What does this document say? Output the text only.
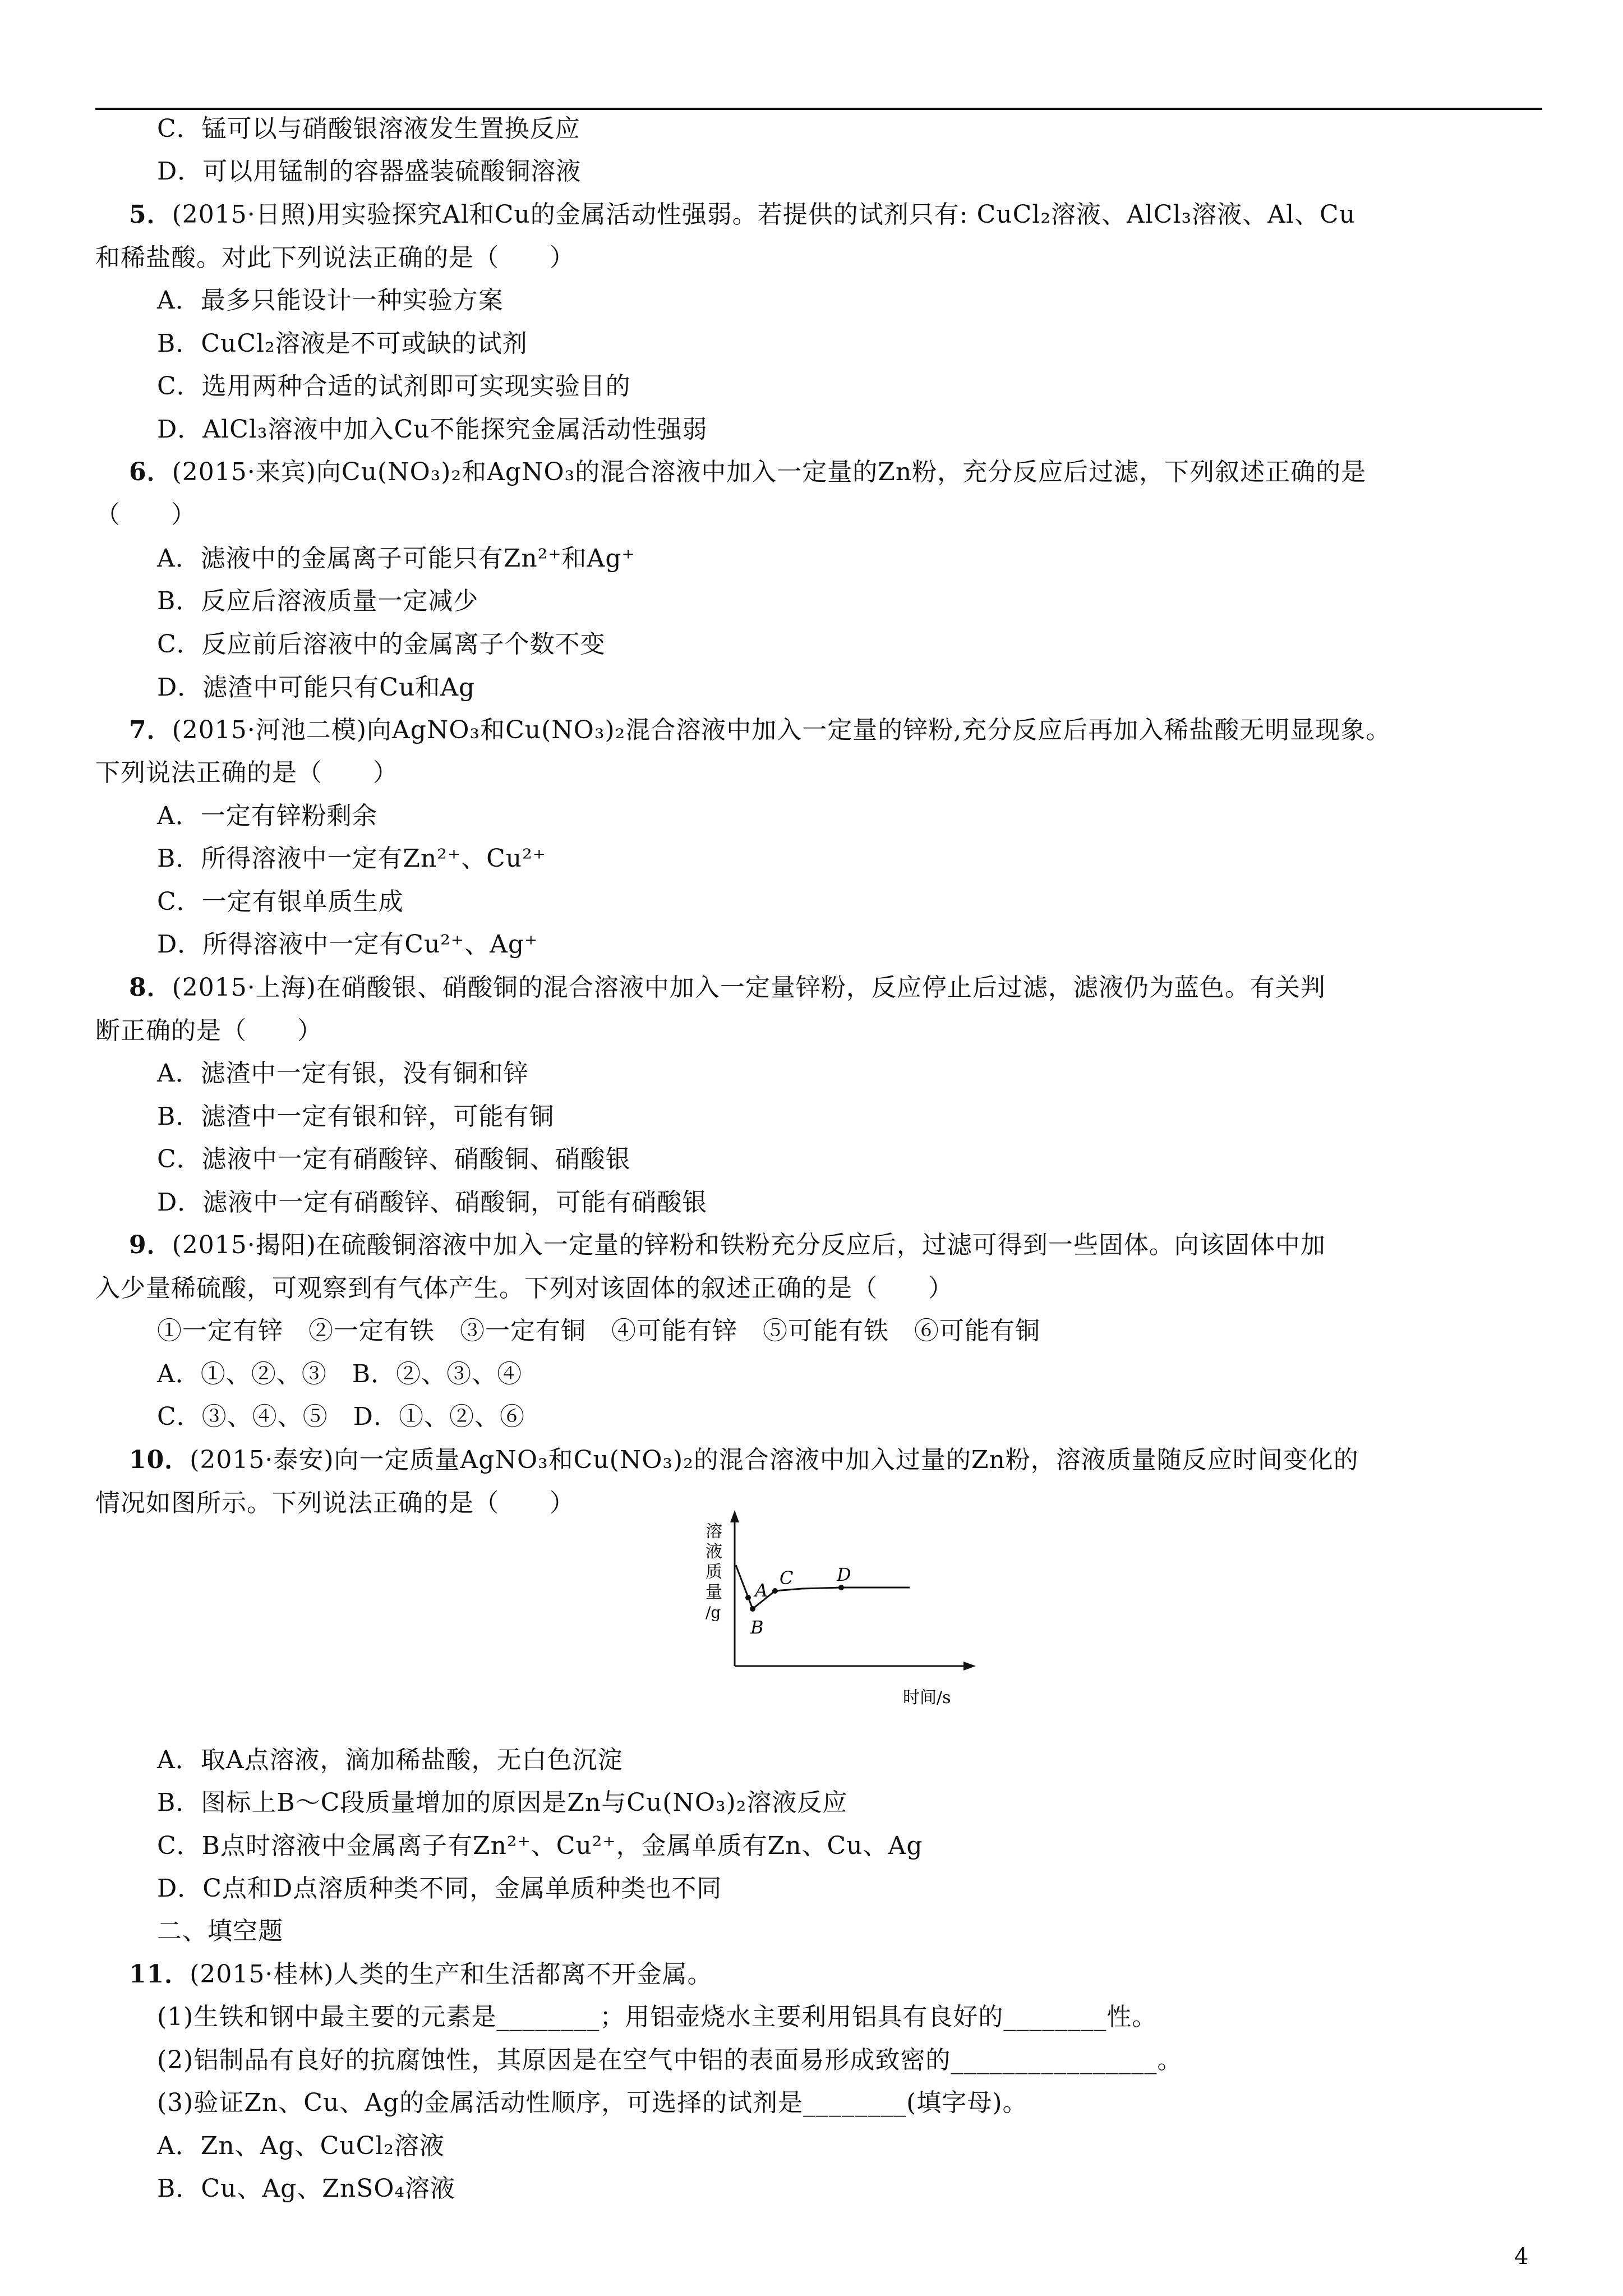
C．锰可以与硝酸银溶液发生置换反应
D．可以用锰制的容器盛装硫酸铜溶液
5．(2015·日照)用实验探究Al和Cu的金属活动性强弱。若提供的试剂只有: CuCl₂溶液、AlCl₃溶液、Al、Cu
和稀盐酸。对此下列说法正确的是（　　）
A．最多只能设计一种实验方案
B．CuCl₂溶液是不可或缺的试剂
C．选用两种合适的试剂即可实现实验目的
D．AlCl₃溶液中加入Cu不能探究金属活动性强弱
6．(2015·来宾)向Cu(NO₃)₂和AgNO₃的混合溶液中加入一定量的Zn粉，充分反应后过滤，下列叙述正确的是
（　　）
A．滤液中的金属离子可能只有Zn²⁺和Ag⁺
B．反应后溶液质量一定减少
C．反应前后溶液中的金属离子个数不变
D．滤渣中可能只有Cu和Ag
7．(2015·河池二模)向AgNO₃和Cu(NO₃)₂混合溶液中加入一定量的锌粉,充分反应后再加入稀盐酸无明显现象。
下列说法正确的是（　　）
A．一定有锌粉剩余
B．所得溶液中一定有Zn²⁺、Cu²⁺
C．一定有银单质生成
D．所得溶液中一定有Cu²⁺、Ag⁺
8．(2015·上海)在硝酸银、硝酸铜的混合溶液中加入一定量锌粉，反应停止后过滤，滤液仍为蓝色。有关判
断正确的是（　　）
A．滤渣中一定有银，没有铜和锌
B．滤渣中一定有银和锌，可能有铜
C．滤液中一定有硝酸锌、硝酸铜、硝酸银
D．滤液中一定有硝酸锌、硝酸铜，可能有硝酸银
9．(2015·揭阳)在硫酸铜溶液中加入一定量的锌粉和铁粉充分反应后，过滤可得到一些固体。向该固体中加
入少量稀硫酸，可观察到有气体产生。下列对该固体的叙述正确的是（　　）
①一定有锌　②一定有铁　③一定有铜　④可能有锌　⑤可能有铁　⑥可能有铜
A．①、②、③　B．②、③、④
C．③、④、⑤　D．①、②、⑥
10．(2015·泰安)向一定质量AgNO₃和Cu(NO₃)₂的混合溶液中加入过量的Zn粉，溶液质量随反应时间变化的
情况如图所示。下列说法正确的是（　　）
溶
液
质
量
/g
A
B
C D
时间/s
A．取A点溶液，滴加稀盐酸，无白色沉淀
B．图标上B～C段质量增加的原因是Zn与Cu(NO₃)₂溶液反应
C．B点时溶液中金属离子有Zn²⁺、Cu²⁺，金属单质有Zn、Cu、Ag
D．C点和D点溶质种类不同，金属单质种类也不同
二、填空题
11．(2015·桂林)人类的生产和生活都离不开金属。
(1)生铁和钢中最主要的元素是________；用铝壶烧水主要利用铝具有良好的________性。
(2)铝制品有良好的抗腐蚀性，其原因是在空气中铝的表面易形成致密的________________。
(3)验证Zn、Cu、Ag的金属活动性顺序，可选择的试剂是________(填字母)。
A．Zn、Ag、CuCl₂溶液
B．Cu、Ag、ZnSO₄溶液
4
